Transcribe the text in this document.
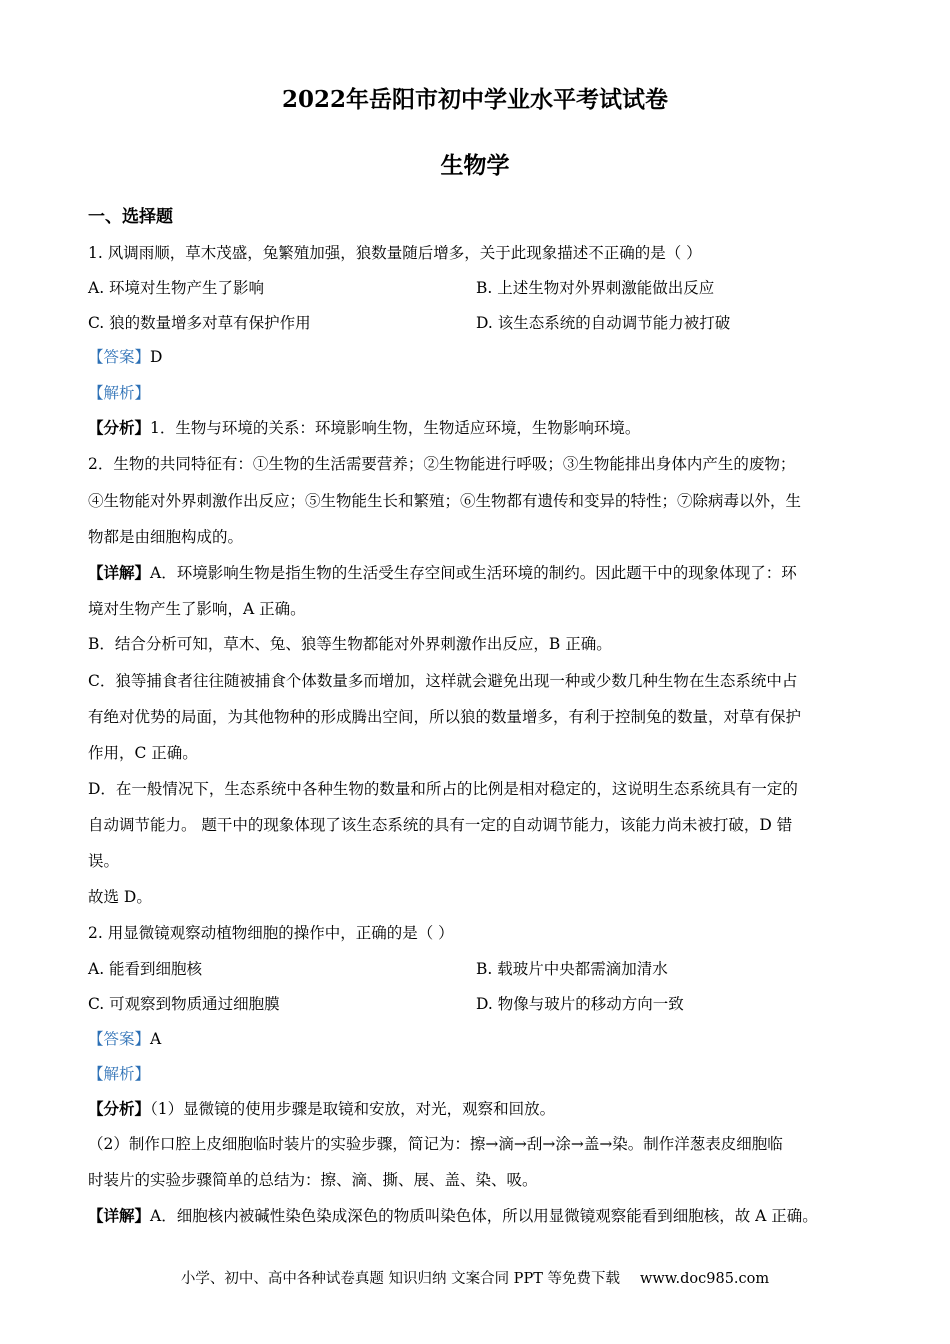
2022年岳阳市初中学业水平考试试卷
生物学
一、选择题
1. 风调雨顺，草木茂盛，兔繁殖加强，狼数量随后增多，关于此现象描述不正确的是（ ）
A. 环境对生物产生了影响	B. 上述生物对外界刺激能做出反应
C. 狼的数量增多对草有保护作用	D. 该生态系统的自动调节能力被打破
【答案】D
【解析】
【分析】1．生物与环境的关系：环境影响生物，生物适应环境，生物影响环境。
2．生物的共同特征有：①生物的生活需要营养；②生物能进行呼吸；③生物能排出身体内产生的废物；
④生物能对外界刺激作出反应；⑤生物能生长和繁殖；⑥生物都有遗传和变异的特性；⑦除病毒以外，生
物都是由细胞构成的。
【详解】A．环境影响生物是指生物的生活受生存空间或生活环境的制约。因此题干中的现象体现了：环
境对生物产生了影响，A 正确。
B．结合分析可知，草木、兔、狼等生物都能对外界刺激作出反应，B 正确。
C．狼等捕食者往往随被捕食个体数量多而增加，这样就会避免出现一种或少数几种生物在生态系统中占
有绝对优势的局面，为其他物种的形成腾出空间，所以狼的数量增多，有利于控制兔的数量，对草有保护
作用，C 正确。
D．在一般情况下，生态系统中各种生物的数量和所占的比例是相对稳定的，这说明生态系统具有一定的
自动调节能力。 题干中的现象体现了该生态系统的具有一定的自动调节能力，该能力尚未被打破，D 错
误。
故选 D。
2. 用显微镜观察动植物细胞的操作中，正确的是（ ）
A. 能看到细胞核	B. 载玻片中央都需滴加清水
C. 可观察到物质通过细胞膜	D. 物像与玻片的移动方向一致
【答案】A
【解析】
【分析】（1）显微镜的使用步骤是取镜和安放，对光，观察和回放。
（2）制作口腔上皮细胞临时装片的实验步骤，简记为：擦→滴→刮→涂→盖→染。制作洋葱表皮细胞临
时装片的实验步骤简单的总结为：擦、滴、撕、展、盖、染、吸。
【详解】A．细胞核内被碱性染色染成深色的物质叫染色体，所以用显微镜观察能看到细胞核，故 A 正确。
小学、初中、高中各种试卷真题 知识归纳 文案合同 PPT 等免费下载 www.doc985.com
